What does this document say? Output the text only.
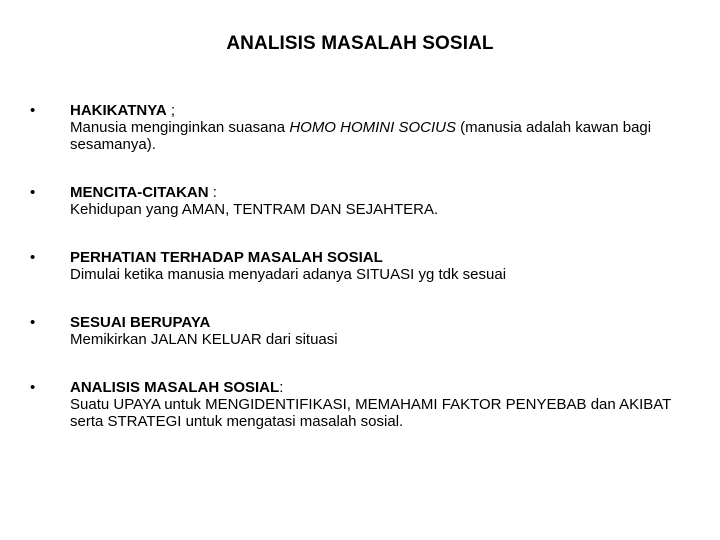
ANALISIS MASALAH SOSIAL
•	HAKIKATNYA ;
Manusia menginginkan suasana HOMO HOMINI SOCIUS (manusia adalah kawan bagi sesamanya).
•	MENCITA-CITAKAN :
Kehidupan yang AMAN, TENTRAM DAN SEJAHTERA.
•	PERHATIAN TERHADAP MASALAH SOSIAL
Dimulai ketika manusia menyadari adanya SITUASI yg tdk sesuai
•	SESUAI BERUPAYA
Memikirkan JALAN KELUAR dari situasi
•	ANALISIS MASALAH SOSIAL:
Suatu UPAYA untuk MENGIDENTIFIKASI, MEMAHAMI FAKTOR PENYEBAB dan AKIBAT serta STRATEGI untuk mengatasi masalah sosial.
